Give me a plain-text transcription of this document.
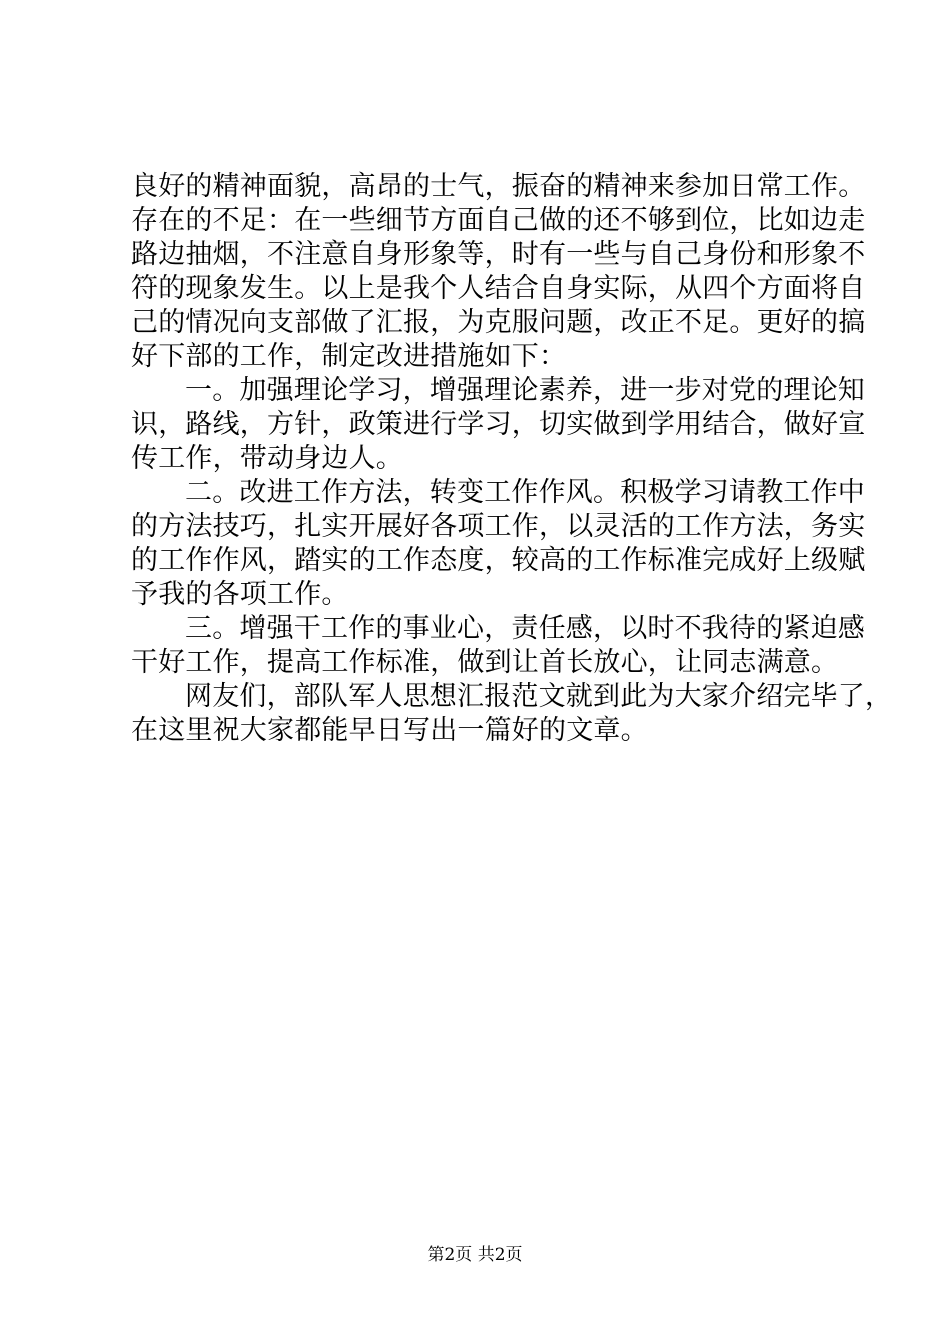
良好的精神面貌，高昂的士气，振奋的精神来参加日常工作。
存在的不足：在一些细节方面自己做的还不够到位，比如边走
路边抽烟，不注意自身形象等，时有一些与自己身份和形象不
符的现象发生。以上是我个人结合自身实际，从四个方面将自
己的情况向支部做了汇报，为克服问题，改正不足。更好的搞
好下部的工作，制定改进措施如下：
一。加强理论学习，增强理论素养，进一步对党的理论知
识，路线，方针，政策进行学习，切实做到学用结合，做好宣
传工作，带动身边人。
二。改进工作方法，转变工作作风。积极学习请教工作中
的方法技巧，扎实开展好各项工作，以灵活的工作方法，务实
的工作作风，踏实的工作态度，较高的工作标准完成好上级赋
予我的各项工作。
三。增强干工作的事业心，责任感，以时不我待的紧迫感
干好工作，提高工作标准，做到让首长放心，让同志满意。
网友们，部队军人思想汇报范文就到此为大家介绍完毕了，
在这里祝大家都能早日写出一篇好的文章。
第2页 共2页
